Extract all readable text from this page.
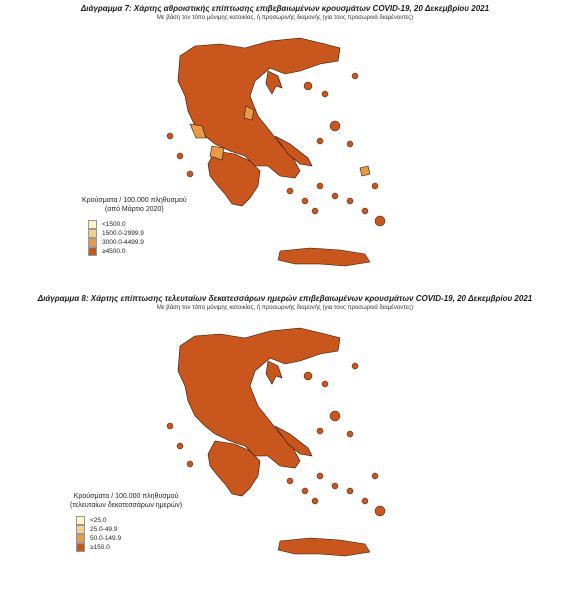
Διάγραμμα 7: Χάρτης αθροιστικής επίπτωσης επιβεβαιωμένων κρουσμάτων COVID-19, 20 Δεκεμβρίου 2021
Με βάση τον τόπο μόνιμης κατοικίας, ή προσωρινής διαμονής (για τους προσωρινά διαμένοντες)
Κρούσματα / 100.000 πληθυσμού
(από Μάρτιο 2020)
<1500.0
1500.0-2999.9
3000.0-4499.9
≥4500.0
Διάγραμμα 8: Χάρτης επίπτωσης τελευταίων δεκατεσσάρων ημερών επιβεβαιωμένων κρουσμάτων COVID-19, 20 Δεκεμβρίου 2021
Με βάση τον τόπο μόνιμης κατοικίας, ή προσωρινής διαμονής (για τους προσωρινά διαμένοντες)
Κρούσματα / 100.000 πληθυσμού
(τελευταίων δεκατεσσάρων ημερών)
<25.0
25.0-49.9
50.0-149.9
≥150.0
